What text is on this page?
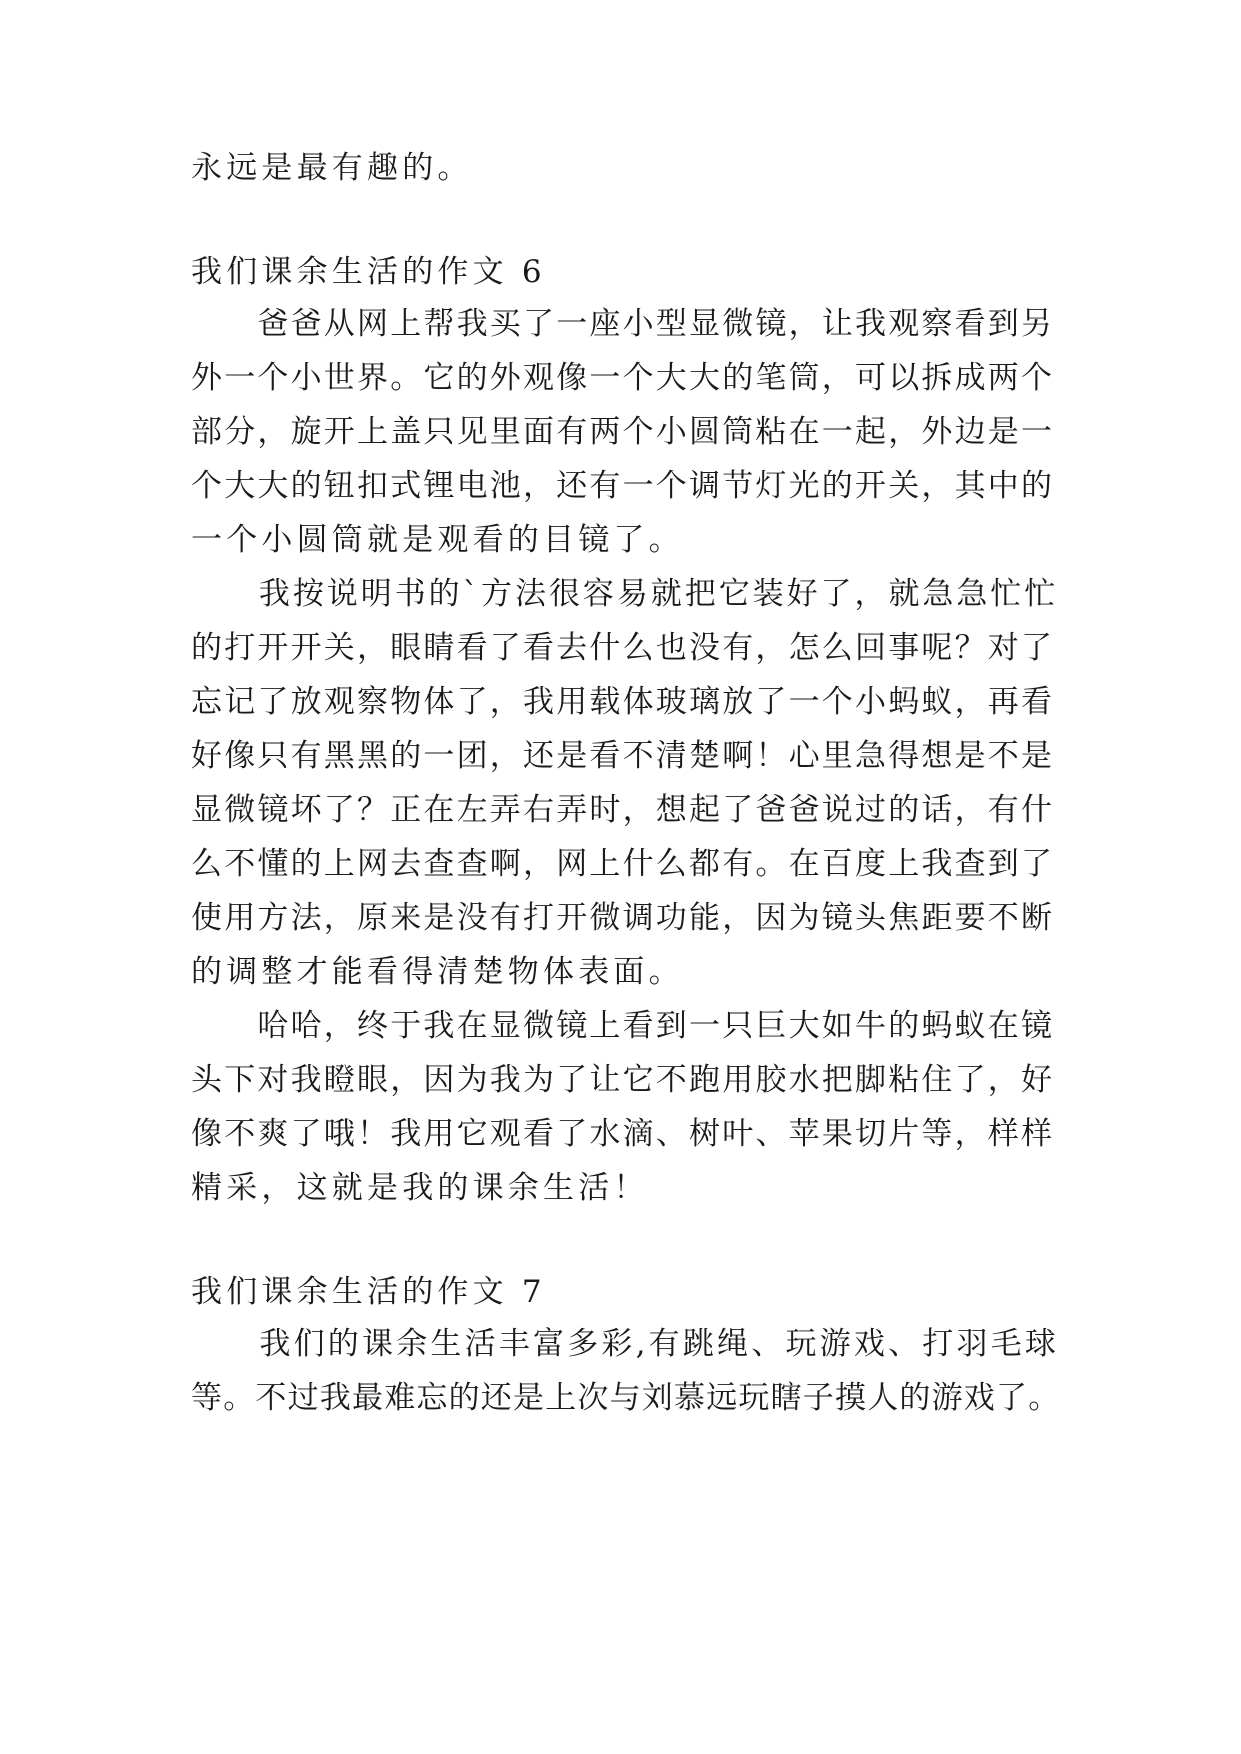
永远是最有趣的。
我们课余生活的作文 6
　　爸爸从网上帮我买了一座小型显微镜，让我观察看到另
外一个小世界。它的外观像一个大大的笔筒，可以拆成两个
部分，旋开上盖只见里面有两个小圆筒粘在一起，外边是一
个大大的钮扣式锂电池，还有一个调节灯光的开关，其中的
一个小圆筒就是观看的目镜了。
　　我按说明书的`方法很容易就把它装好了，就急急忙忙
的打开开关，眼睛看了看去什么也没有，怎么回事呢？对了
忘记了放观察物体了，我用载体玻璃放了一个小蚂蚁，再看
好像只有黑黑的一团，还是看不清楚啊！心里急得想是不是
显微镜坏了？正在左弄右弄时，想起了爸爸说过的话，有什
么不懂的上网去查查啊，网上什么都有。在百度上我查到了
使用方法，原来是没有打开微调功能，因为镜头焦距要不断
的调整才能看得清楚物体表面。
　　哈哈，终于我在显微镜上看到一只巨大如牛的蚂蚁在镜
头下对我瞪眼，因为我为了让它不跑用胶水把脚粘住了，好
像不爽了哦！我用它观看了水滴、树叶、苹果切片等，样样
精采，这就是我的课余生活！
我们课余生活的作文 7
　　我们的课余生活丰富多彩,有跳绳、玩游戏、打羽毛球
等。不过我最难忘的还是上次与刘慕远玩瞎子摸人的游戏了。
